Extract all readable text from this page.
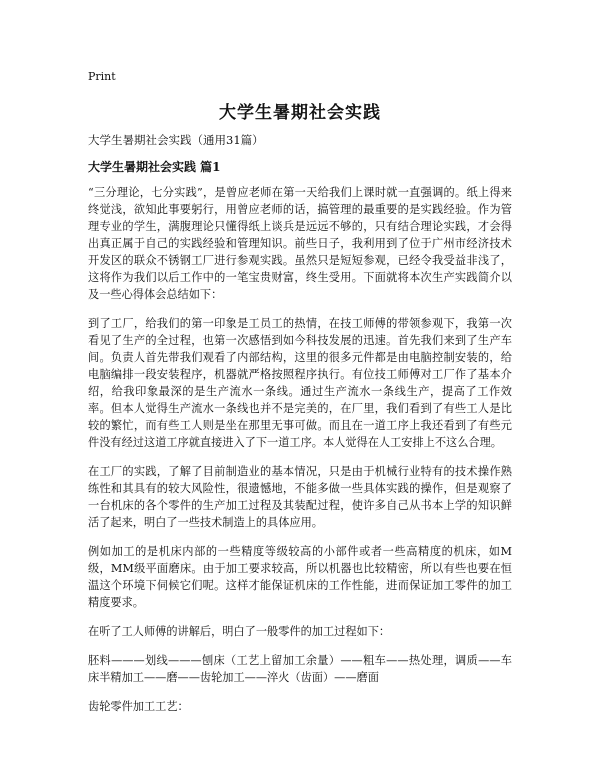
Print
大学生暑期社会实践
大学生暑期社会实践（通用31篇）
大学生暑期社会实践 篇1

“三分理论，七分实践”，是曾应老师在第一天给我们上课时就一直强调的。纸上得来终觉浅，欲知此事要躬行，用曾应老师的话，搞管理的最重要的是实践经验。作为管理专业的学生，满腹理论只懂得纸上谈兵是远远不够的，只有结合理论实践，才会得出真正属于自己的实践经验和管理知识。前些日子，我利用到了位于广州市经济技术开发区的联众不锈钢工厂进行参观实践。虽然只是短短参观，已经令我受益非浅了，这将作为我们以后工作中的一笔宝贵财富，终生受用。下面就将本次生产实践简介以及一些心得体会总结如下：

到了工厂，给我们的第一印象是工员工的热情，在技工师傅的带领参观下，我第一次看见了生产的全过程，也第一次感悟到如今科技发展的迅速。首先我们来到了生产车间。负责人首先带我们观看了内部结构，这里的很多元件都是由电脑控制安装的，给电脑编排一段安装程序，机器就严格按照程序执行。有位技工师傅对工厂作了基本介绍，给我印象最深的是生产流水一条线。通过生产流水一条线生产，提高了工作效率。但本人觉得生产流水一条线也并不是完美的，在厂里，我们看到了有些工人是比较的繁忙，而有些工人则是坐在那里无事可做。而且在一道工序上我还看到了有些元件没有经过这道工序就直接进入了下一道工序。本人觉得在人工安排上不这么合理。

在工厂的实践，了解了目前制造业的基本情况，只是由于机械行业特有的技术操作熟练性和其具有的较大风险性，很遗憾地，不能多做一些具体实践的操作，但是观察了一台机床的各个零件的生产加工过程及其装配过程，使许多自己从书本上学的知识鲜活了起来，明白了一些技术制造上的具体应用。

例如加工的是机床内部的一些精度等级较高的小部件或者一些高精度的机床，如M级，MM级平面磨床。由于加工要求较高，所以机器也比较精密，所以有些也要在恒温这个环境下伺候它们呢。这样才能保证机床的工作性能，进而保证加工零件的加工精度要求。

在听了工人师傅的讲解后，明白了一般零件的加工过程如下：

胚料———划线———刨床（工艺上留加工余量）——粗车——热处理，调质——车床半精加工——磨——齿轮加工——淬火（齿面）——磨面

齿轮零件加工工艺：
